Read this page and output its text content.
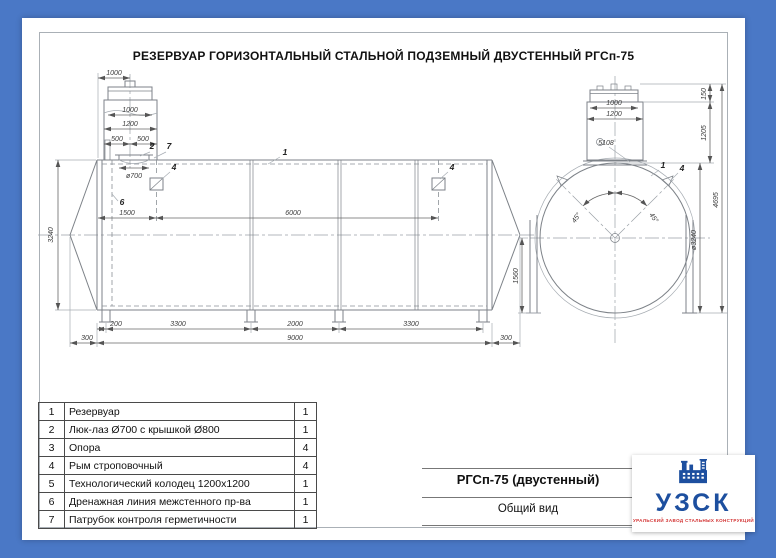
РЕЗЕРВУАР ГОРИЗОНТАЛЬНЫЙ СТАЛЬНОЙ ПОДЗЕМНЫЙ ДВУСТЕННЫЙ РГСп-75
1000
1000
1200
500 500
ø700
3240
1500	6000
200	3300	2000	3300
300	9000	300
1
2 7
4	4
6
1000
1200
5108
45°	45°
1560
150
1205
ø3240
4695
1 4
1	Резервуар	1
2	Люк-лаз Ø700 с крышкой Ø800	1
3	Опора	4
4	Рым строповочный	4
5	Технологический колодец 1200х1200	1
6	Дренажная линия межстенного пр-ва	1
7	Патрубок контроля герметичности	1
РГСп-75 (двустенный)
Общий вид	УЗСК
УРАЛЬСКИЙ ЗАВОД СТАЛЬНЫХ КОНСТРУКЦИЙ
